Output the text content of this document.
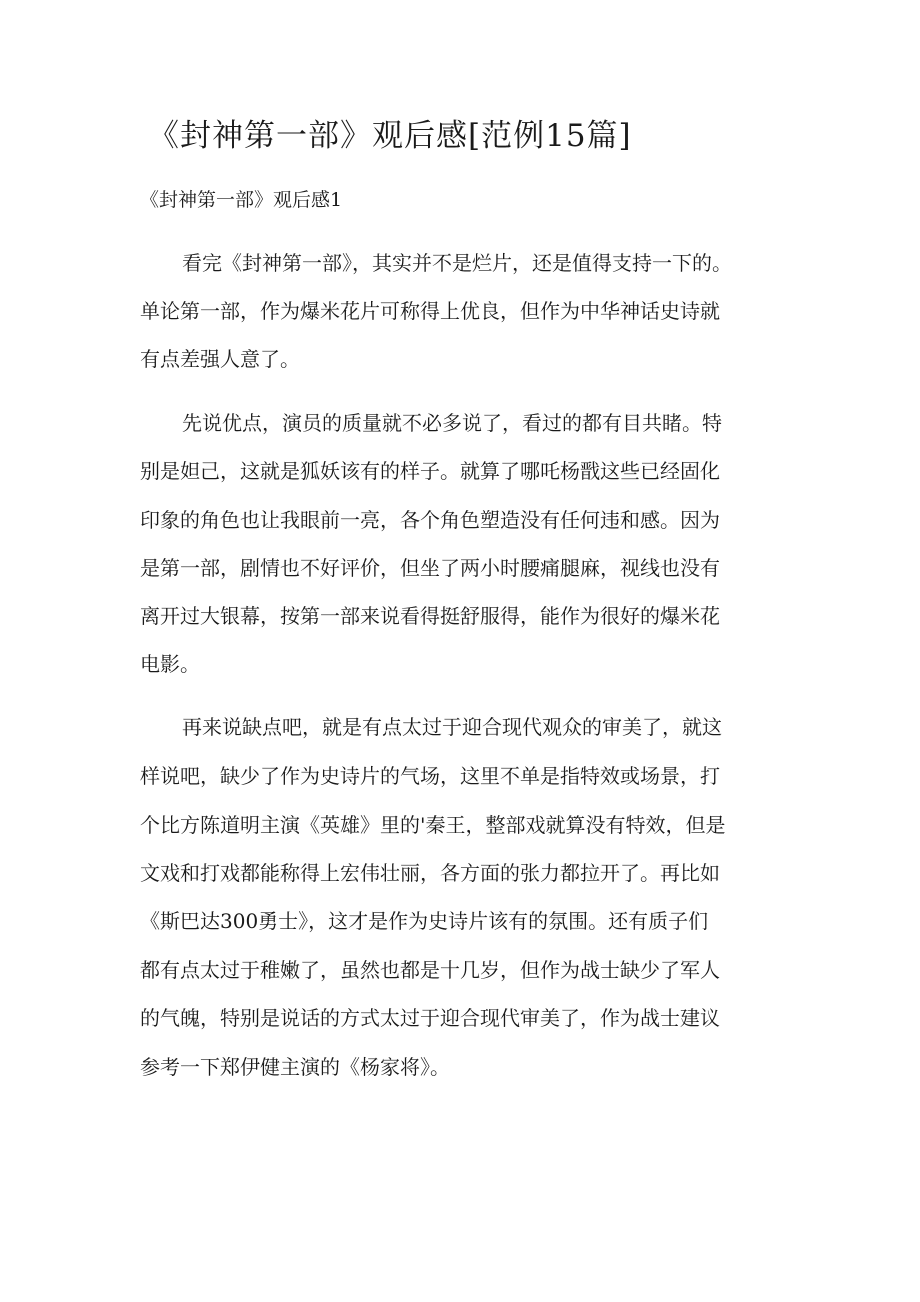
《封神第一部》观后感[范例15篇]
《封神第一部》观后感1

看完《封神第一部》，其实并不是烂片，还是值得支持一下的。

单论第一部，作为爆米花片可称得上优良，但作为中华神话史诗就

有点差强人意了。

先说优点，演员的质量就不必多说了，看过的都有目共睹。特

别是妲己，这就是狐妖该有的样子。就算了哪吒杨戬这些已经固化

印象的角色也让我眼前一亮，各个角色塑造没有任何违和感。因为

是第一部，剧情也不好评价，但坐了两小时腰痛腿麻，视线也没有

离开过大银幕，按第一部来说看得挺舒服得，能作为很好的爆米花

电影。

再来说缺点吧，就是有点太过于迎合现代观众的审美了，就这

样说吧，缺少了作为史诗片的气场，这里不单是指特效或场景，打

个比方陈道明主演《英雄》里的'秦王，整部戏就算没有特效，但是

文戏和打戏都能称得上宏伟壮丽，各方面的张力都拉开了。再比如

《斯巴达300勇士》，这才是作为史诗片该有的氛围。还有质子们

都有点太过于稚嫩了，虽然也都是十几岁，但作为战士缺少了军人

的气魄，特别是说话的方式太过于迎合现代审美了，作为战士建议

参考一下郑伊健主演的《杨家将》。
